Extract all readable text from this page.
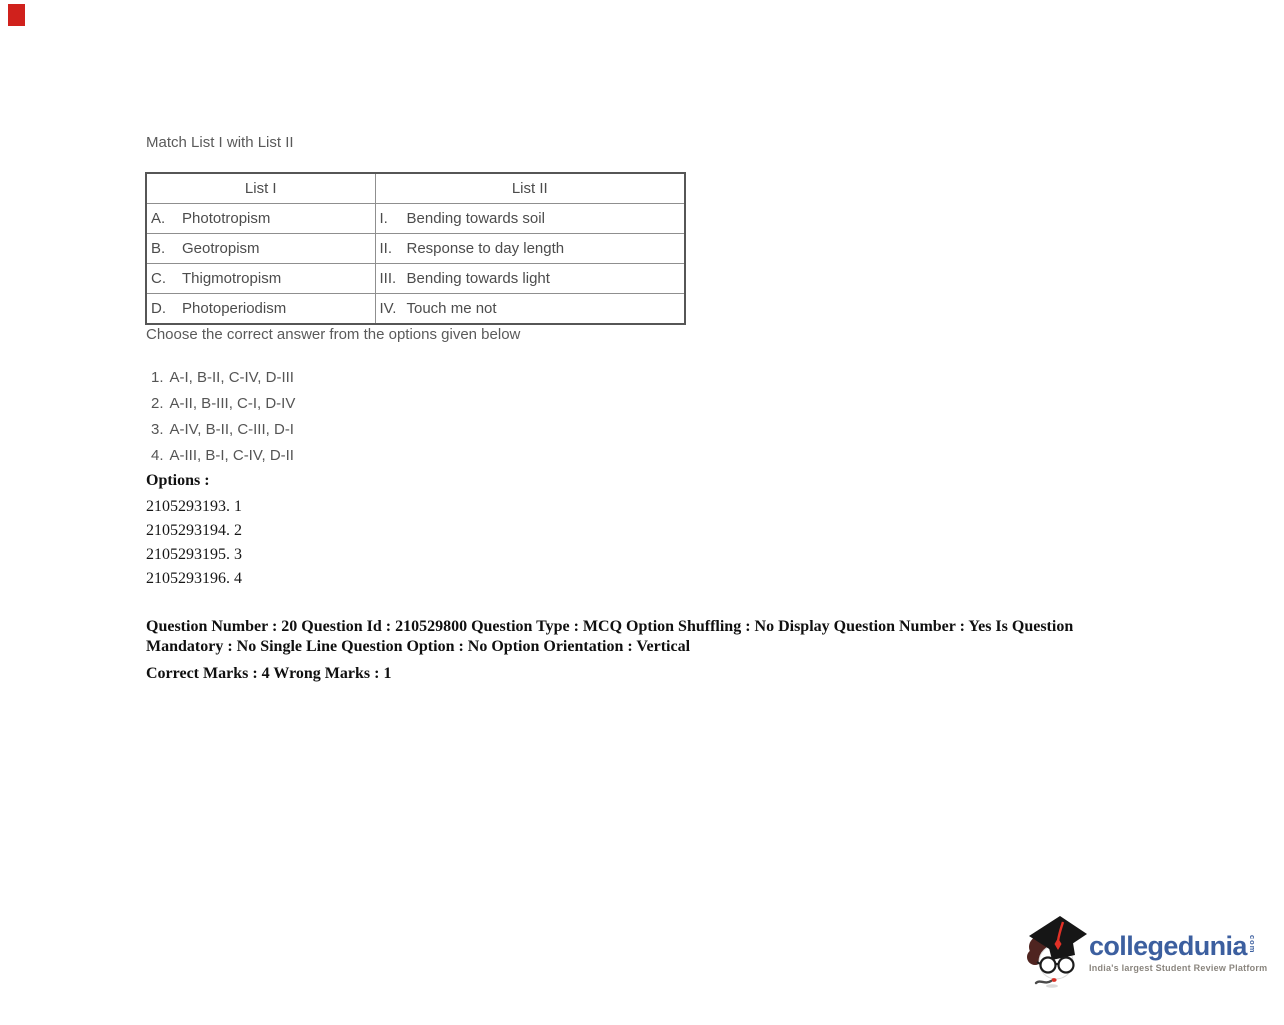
Match List I with List II
List I	List II

A. Phototropism	I. Bending towards soil

B. Geotropism	II. Response to day length

C. Thigmotropism	III. Bending towards light

D. Photoperiodism	IV. Touch me not
Choose the correct answer from the options given below
1. A-I, B-II, C-IV, D-III
2. A-II, B-III, C-I, D-IV
3. A-IV, B-II, C-III, D-I
4. A-III, B-I, C-IV, D-II
Options :
2105293193. 1
2105293194. 2
2105293195. 3
2105293196. 4
Question Number : 20 Question Id : 210529800 Question Type : MCQ Option Shuffling : No Display Question Number : Yes Is Question
Mandatory : No Single Line Question Option : No Option Orientation : Vertical
Correct Marks : 4 Wrong Marks : 1
collegedunia com
India's largest Student Review Platform
